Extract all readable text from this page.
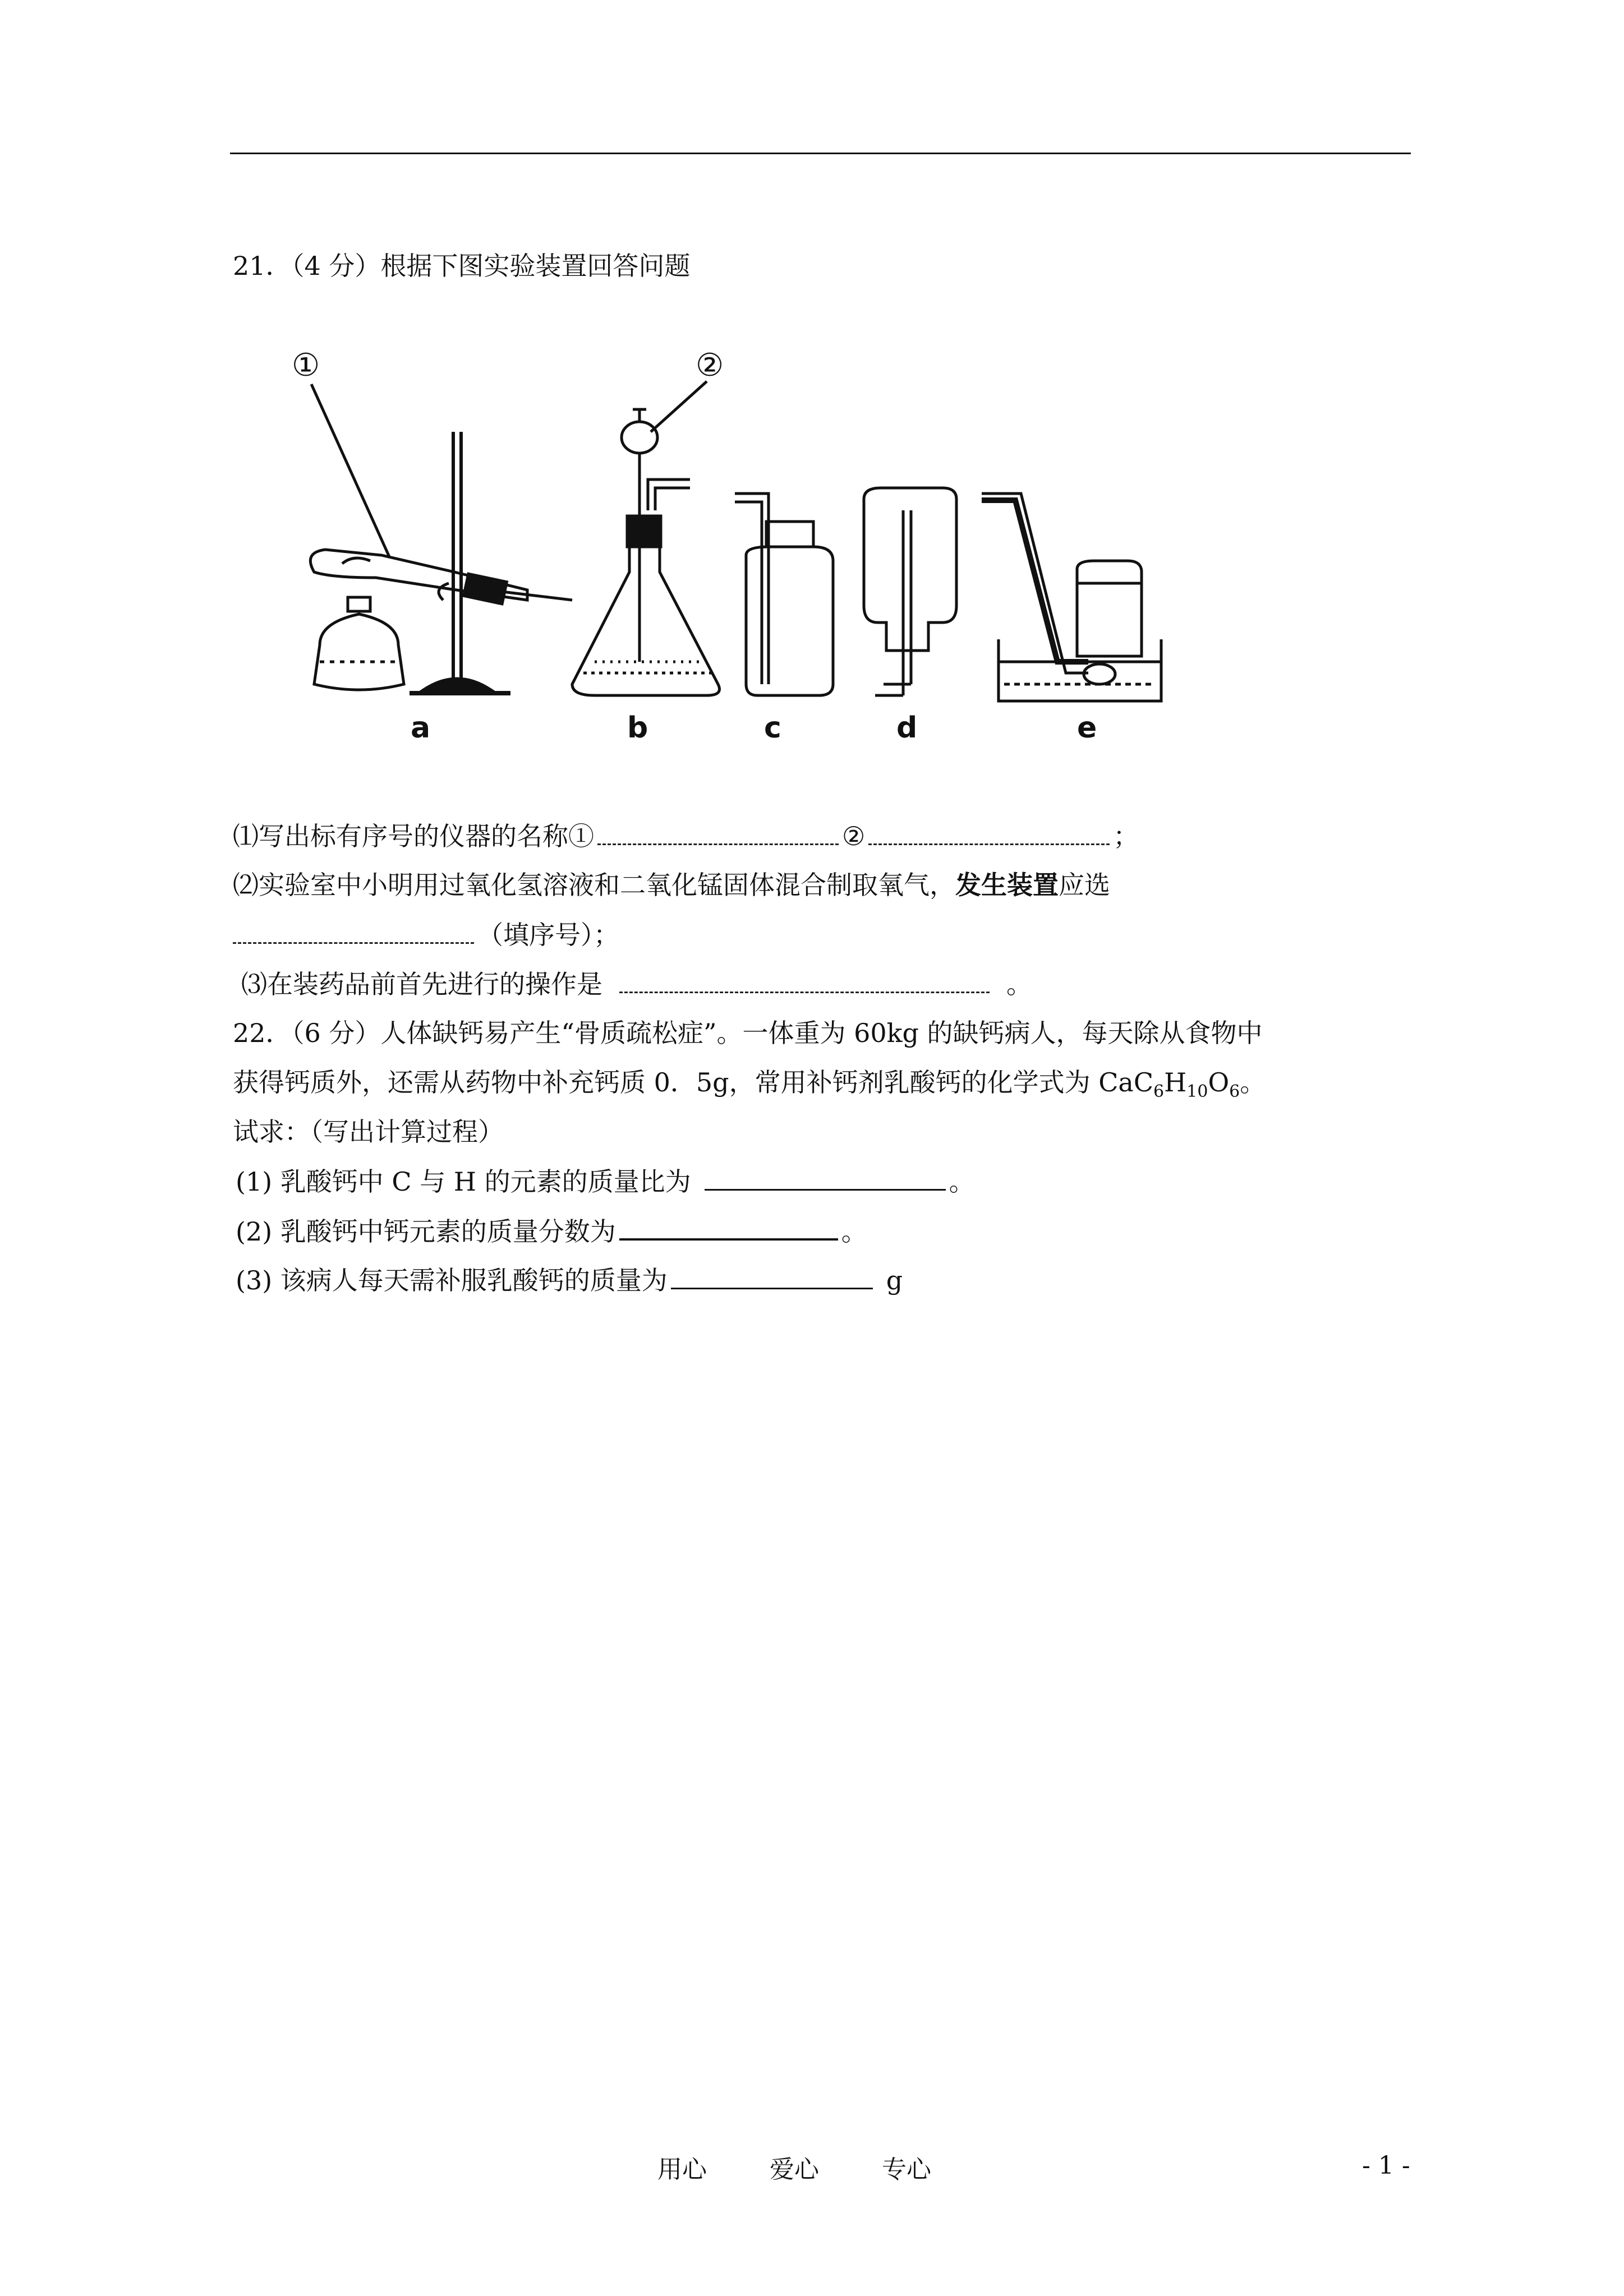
21．（4 分）根据下图实验装置回答问题
①	②
a	b	c	d	e
⑴写出标有序号的仪器的名称①	②	；
⑵实验室中小明用过氧化氢溶液和二氧化锰固体混合制取氧气，发生装置应选
（填序号）；
⑶在装药品前首先进行的操作是	。
22．（6 分）人体缺钙易产生“骨质疏松症”。一体重为 60kg 的缺钙病人，每天除从食物中
获得钙质外，还需从药物中补充钙质 0．5g，常用补钙剂乳酸钙的化学式为 $CaC_6H_{10}O_6$。
试求：（写出计算过程）
(1) 乳酸钙中 C 与 H 的元素的质量比为	。
(2) 乳酸钙中钙元素的质量分数为	。
(3) 该病人每天需补服乳酸钙的质量为	g
用心	爱心	专心	- 1 -
